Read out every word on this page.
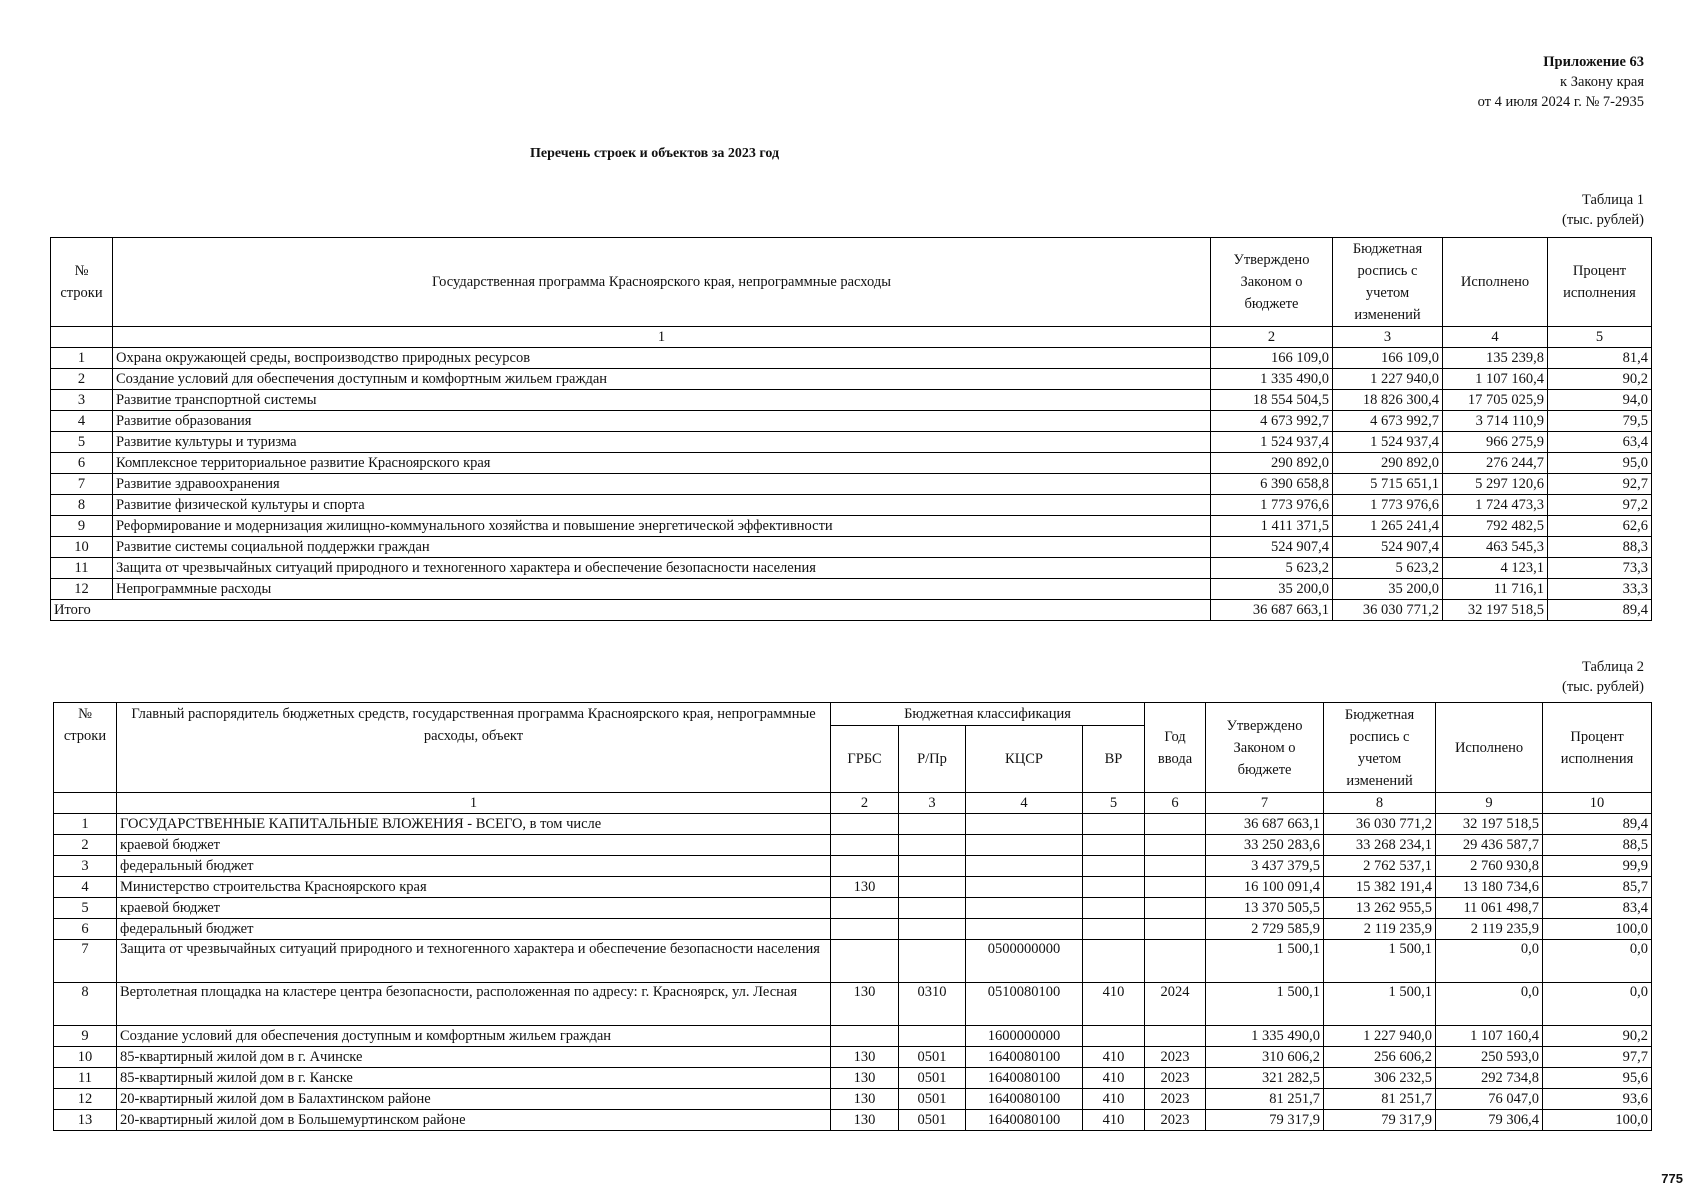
Приложение 63
к Закону края
от 4 июля 2024 г. № 7-2935
Перечень строек и объектов за 2023 год
Таблица 1
(тыс. рублей)
№ строки	Государственная программа Красноярского края, непрограммные расходы	Утверждено Законом о бюджете	Бюджетная роспись с учетом изменений	Исполнено	Процент исполнения
	1	2	3	4	5
1	Охрана окружающей среды, воспроизводство природных ресурсов	166 109,0	166 109,0	135 239,8	81,4
2	Создание условий для обеспечения доступным и комфортным жильем граждан	1 335 490,0	1 227 940,0	1 107 160,4	90,2
3	Развитие транспортной системы	18 554 504,5	18 826 300,4	17 705 025,9	94,0
4	Развитие образования	4 673 992,7	4 673 992,7	3 714 110,9	79,5
5	Развитие культуры и туризма	1 524 937,4	1 524 937,4	966 275,9	63,4
6	Комплексное территориальное развитие Красноярского края	290 892,0	290 892,0	276 244,7	95,0
7	Развитие здравоохранения	6 390 658,8	5 715 651,1	5 297 120,6	92,7
8	Развитие физической культуры и спорта	1 773 976,6	1 773 976,6	1 724 473,3	97,2
9	Реформирование и модернизация жилищно-коммунального хозяйства и повышение энергетической эффективности	1 411 371,5	1 265 241,4	792 482,5	62,6
10	Развитие системы социальной поддержки граждан	524 907,4	524 907,4	463 545,3	88,3
11	Защита от чрезвычайных ситуаций природного и техногенного характера и обеспечение безопасности населения	5 623,2	5 623,2	4 123,1	73,3
12	Непрограммные расходы	35 200,0	35 200,0	11 716,1	33,3
Итого		36 687 663,1	36 030 771,2	32 197 518,5	89,4
Таблица 2
(тыс. рублей)
№ строки	Главный распорядитель бюджетных средств, государственная программа Красноярского края, непрограммные расходы, объект	Бюджетная классификация				Год ввода	Утверждено Законом о бюджете	Бюджетная роспись с учетом изменений	Исполнено	Процент исполнения
		ГРБС	Р/Пр	КЦСР	ВР					
	1	2	3	4	5	6	7	8	9	10
1	ГОСУДАРСТВЕННЫЕ КАПИТАЛЬНЫЕ ВЛОЖЕНИЯ - ВСЕГО, в том числе						36 687 663,1	36 030 771,2	32 197 518,5	89,4
2	краевой бюджет						33 250 283,6	33 268 234,1	29 436 587,7	88,5
3	федеральный бюджет						3 437 379,5	2 762 537,1	2 760 930,8	99,9
4	Министерство строительства Красноярского края	130					16 100 091,4	15 382 191,4	13 180 734,6	85,7
5	краевой бюджет						13 370 505,5	13 262 955,5	11 061 498,7	83,4
6	федеральный бюджет						2 729 585,9	2 119 235,9	2 119 235,9	100,0
7	Защита от чрезвычайных ситуаций природного и техногенного характера и обеспечение безопасности населения			0500000000			1 500,1	1 500,1	0,0	0,0
8	Вертолетная площадка на кластере центра безопасности, расположенная по адресу: г. Красноярск, ул. Лесная	130	0310	0510080100	410	2024	1 500,1	1 500,1	0,0	0,0
9	Создание условий для обеспечения доступным и комфортным жильем граждан			1600000000			1 335 490,0	1 227 940,0	1 107 160,4	90,2
10	85-квартирный жилой дом в г. Ачинске	130	0501	1640080100	410	2023	310 606,2	256 606,2	250 593,0	97,7
11	85-квартирный жилой дом в г. Канске	130	0501	1640080100	410	2023	321 282,5	306 232,5	292 734,8	95,6
12	20-квартирный жилой дом в Балахтинском районе	130	0501	1640080100	410	2023	81 251,7	81 251,7	76 047,0	93,6
13	20-квартирный жилой дом в Большемуртинском районе	130	0501	1640080100	410	2023	79 317,9	79 317,9	79 306,4	100,0
775
